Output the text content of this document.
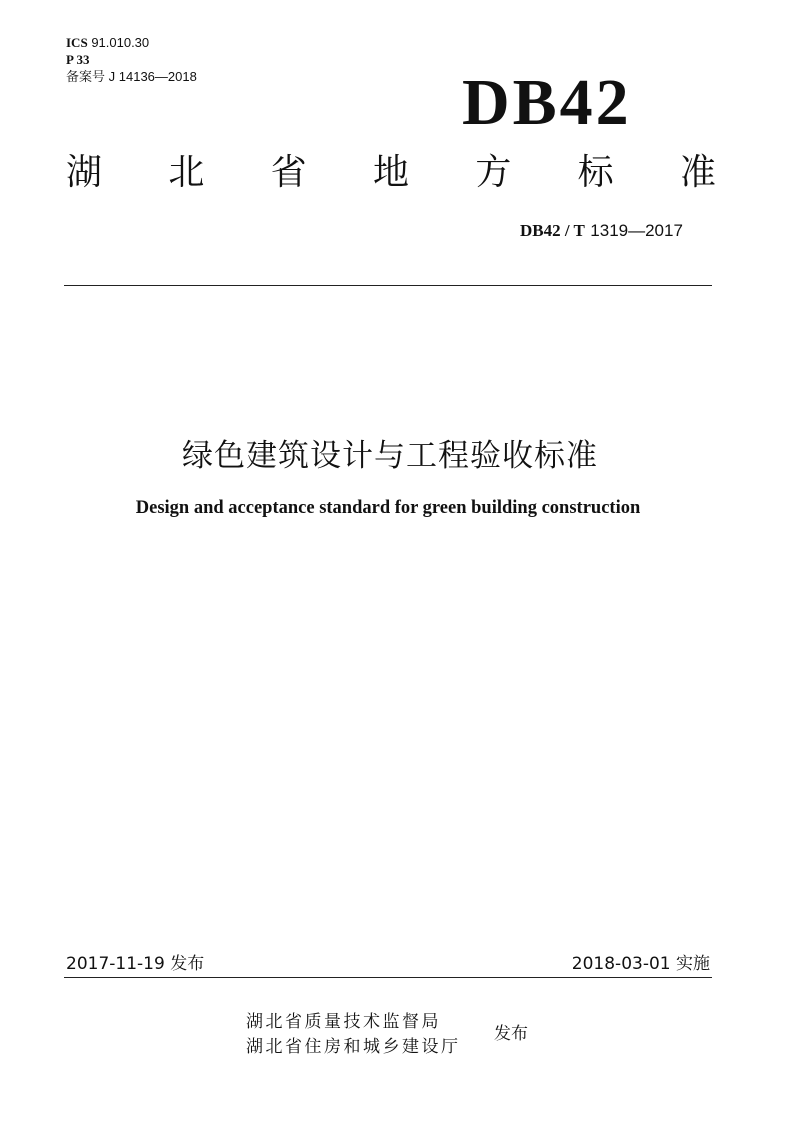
ICS 91.010.30
P 33
备案号 J 14136—2018	DB42
湖 北 省 地 方 标 准
DB42 / T 1319—2017
绿色建筑设计与工程验收标准
Design and acceptance standard for green building construction
2017-11-19 发布	2018-03-01 实施
湖北省质量技术监督局
湖北省住房和城乡建设厅
发布
